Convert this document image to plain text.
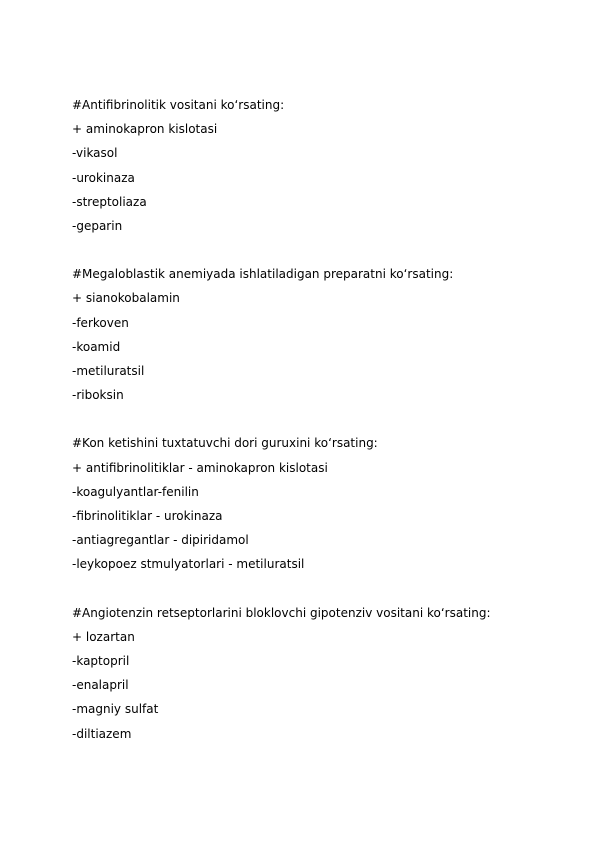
#Antifibrinolitik vositani koʻrsating:

+ aminokapron kislotasi

-vikasol

-urokinaza

-streptoliaza

-geparin

#Megaloblastik anemiyada ishlatiladigan preparatni koʻrsating:

+ sianokobalamin

-ferkoven

-koamid

-metiluratsil

-riboksin

#Kon ketishini tuxtatuvchi dori guruxini koʻrsating:

+ antifibrinolitiklar - aminokapron kislotasi

-koagulyantlar-fenilin

-fibrinolitiklar - urokinaza

-antiagregantlar - dipiridamol

-leykopoez stmulyatorlari - metiluratsil

#Angiotenzin retseptorlarini bloklovchi gipotenziv vositani koʻrsating:

+ lozartan

-kaptopril

-enalapril

-magniy sulfat

-diltiazem
